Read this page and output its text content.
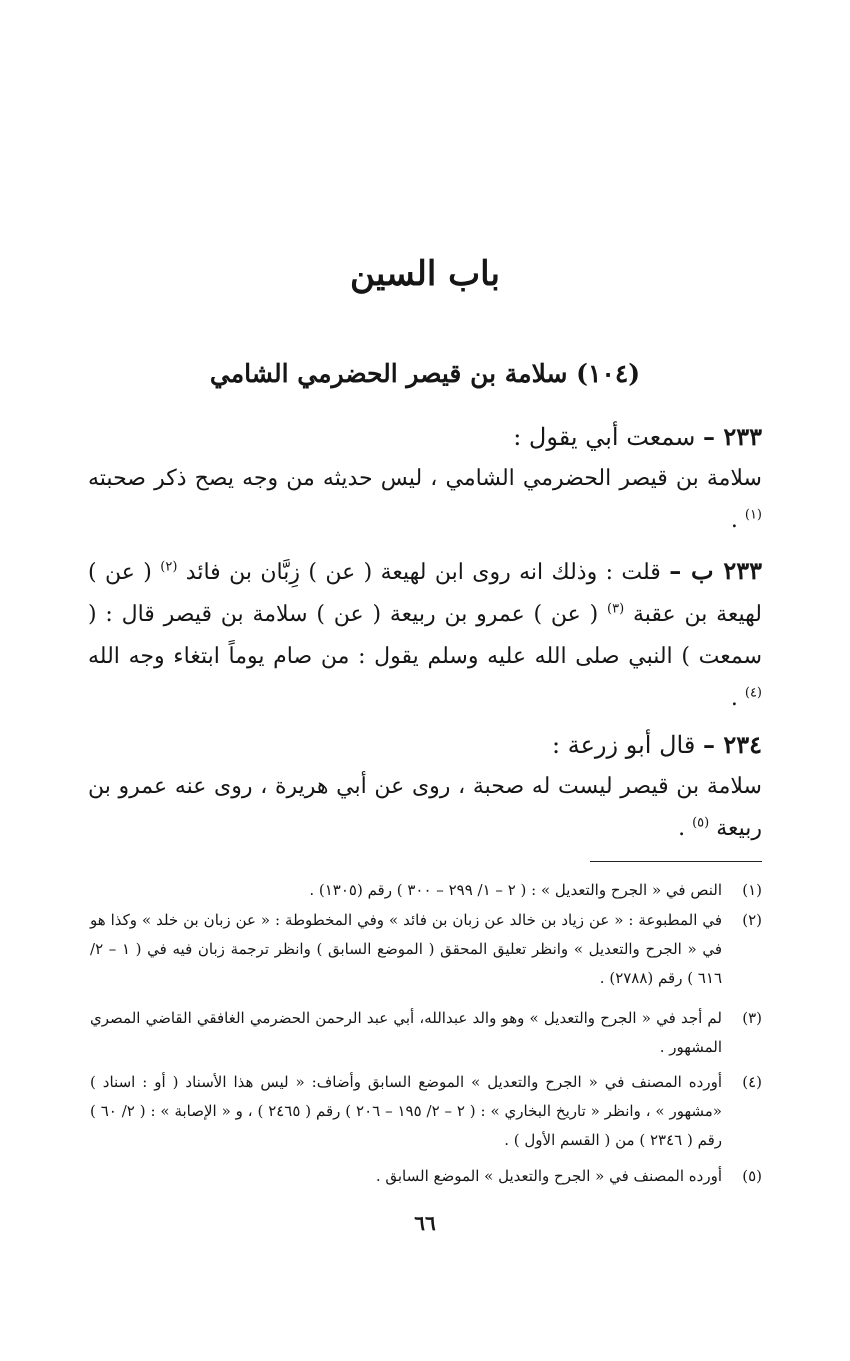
باب السين
(١٠٤) سلامة بن قيصر الحضرمي الشامي
٢٣٣ – سمعت أبي يقول :
سلامة بن قيصر الحضرمي الشامي ، ليس حديثه من وجه يصح ذكر صحبته $^{(١)}$ .
٢٣٣ ب – قلت : وذلك انه روى ابن لهيعة ( عن ) زِبَّان بن فائد $^{(٢)}$ ( عن ) لهيعة بن عقبة $^{(٣)}$ ( عن ) عمرو بن ربيعة ( عن ) سلامة بن قيصر قال : ( سمعت ) النبي صلى الله عليه وسلم يقول : من صام يوماً ابتغاء وجه الله $^{(٤)}$ .
٢٣٤ – قال أبو زرعة :
سلامة بن قيصر ليست له صحبة ، روى عن أبي هريرة ، روى عنه عمرو بن ربيعة $^{(٥)}$ .
(١)
النص في « الجرح والتعديل » : ( ٢ – ١/ ٢٩٩ – ٣٠٠ ) رقم (١٣٠٥) .
(٢)
في المطبوعة : « عن زياد بن خالد عن زبان بن فائد » وفي المخطوطة : « عن زبان بن خلد » وكذا هو في « الجرح والتعديل » وانظر تعليق المحقق ( الموضع السابق ) وانظر ترجمة زبان فيه في ( ١ – ٢/ ٦١٦ ) رقم (٢٧٨٨) .
(٣)
لم أجد في « الجرح والتعديل » وهو والد عبدالله، أبي عبد الرحمن الحضرمي الغافقي القاضي المصري المشهور .
(٤)
أورده المصنف في « الجرح والتعديل » الموضع السابق وأضاف: « ليس هذا الأسناد ( أو : اسناد ) «مشهور » ، وانظر « تاريخ البخاري » : ( ٢ – ٢/ ١٩٥ – ٢٠٦ ) رقم ( ٢٤٦٥ ) ، و « الإصابة » : ( ٢/ ٦٠ ) رقم ( ٢٣٤٦ ) من ( القسم الأول ) .
(٥)
أورده المصنف في « الجرح والتعديل » الموضع السابق .
٦٦
